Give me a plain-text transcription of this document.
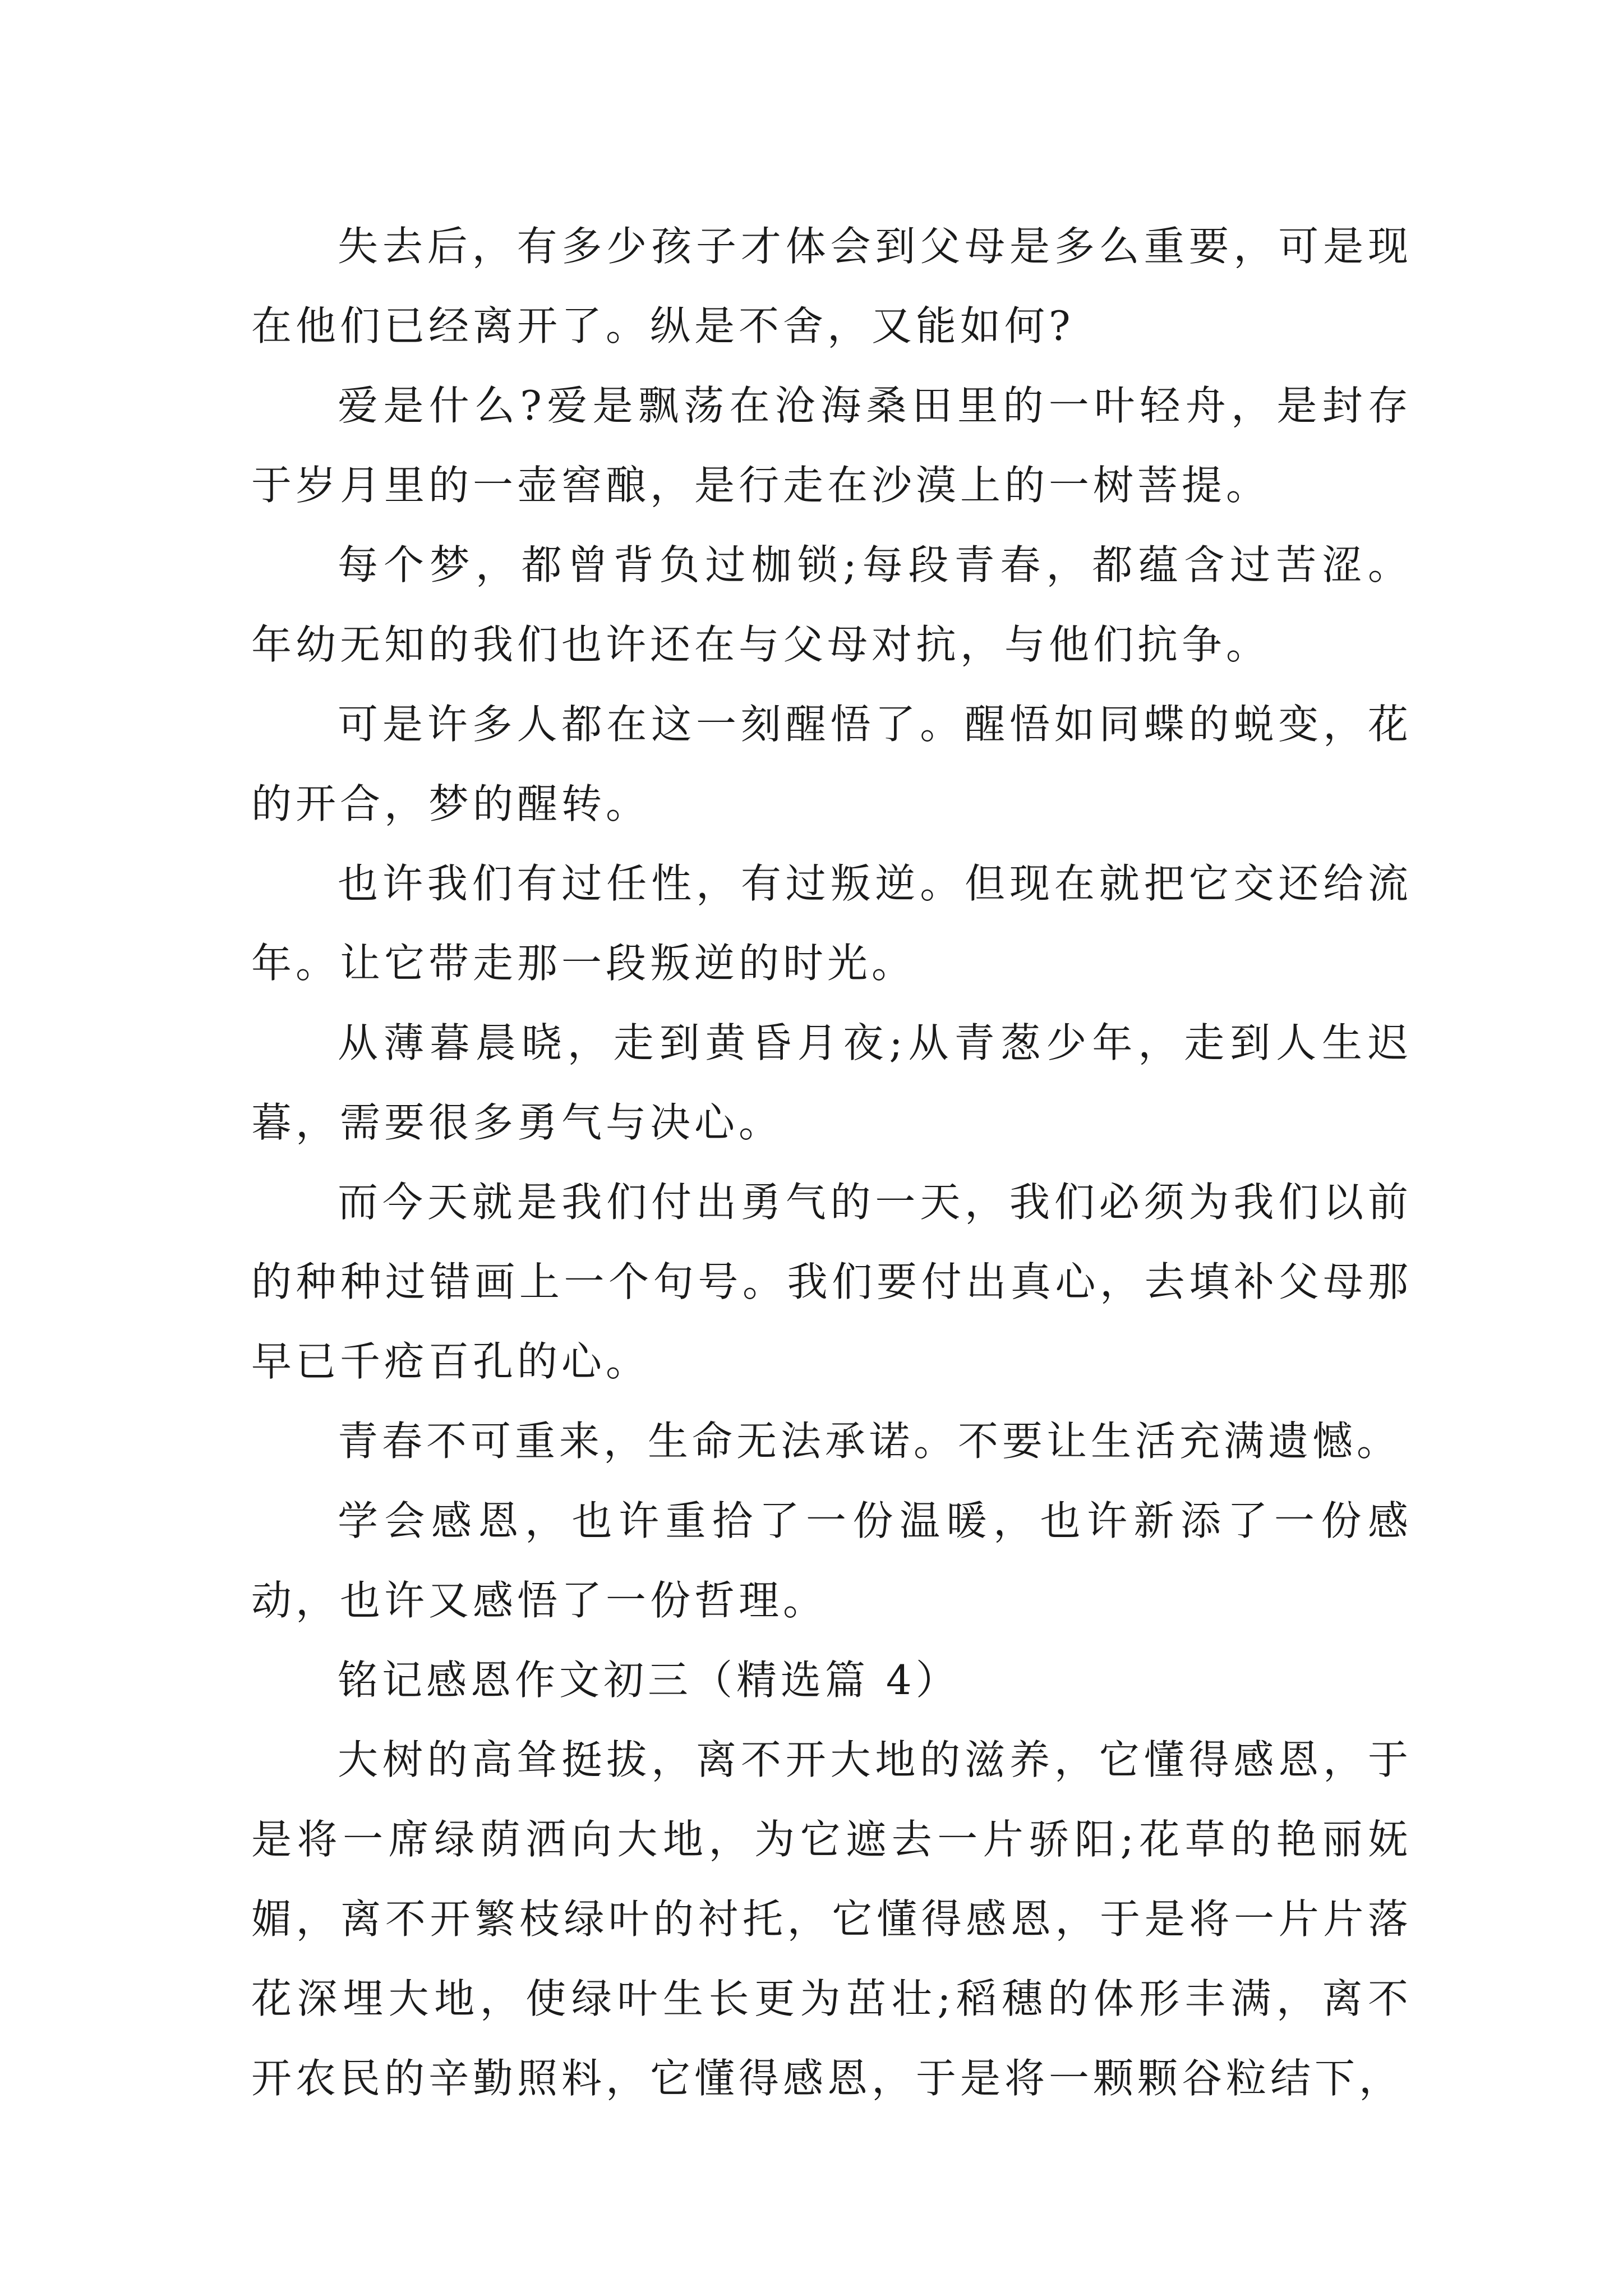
失去后，有多少孩子才体会到父母是多么重要，可是现在他们已经离开了。纵是不舍，又能如何?

爱是什么?爱是飘荡在沧海桑田里的一叶轻舟，是封存于岁月里的一壶窖酿，是行走在沙漠上的一树菩提。

每个梦，都曾背负过枷锁;每段青春，都蕴含过苦涩。年幼无知的我们也许还在与父母对抗，与他们抗争。

可是许多人都在这一刻醒悟了。醒悟如同蝶的蜕变，花的开合，梦的醒转。

也许我们有过任性，有过叛逆。但现在就把它交还给流年。让它带走那一段叛逆的时光。

从薄暮晨晓，走到黄昏月夜;从青葱少年，走到人生迟暮，需要很多勇气与决心。

而今天就是我们付出勇气的一天，我们必须为我们以前的种种过错画上一个句号。我们要付出真心，去填补父母那早已千疮百孔的心。

青春不可重来，生命无法承诺。不要让生活充满遗憾。

学会感恩，也许重拾了一份温暖，也许新添了一份感动，也许又感悟了一份哲理。

铭记感恩作文初三（精选篇 4）

大树的高耸挺拔，离不开大地的滋养，它懂得感恩，于是将一席绿荫洒向大地，为它遮去一片骄阳;花草的艳丽妩媚，离不开繁枝绿叶的衬托，它懂得感恩，于是将一片片落花深埋大地，使绿叶生长更为茁壮;稻穗的体形丰满，离不开农民的辛勤照料，它懂得感恩，于是将一颗颗谷粒结下，
